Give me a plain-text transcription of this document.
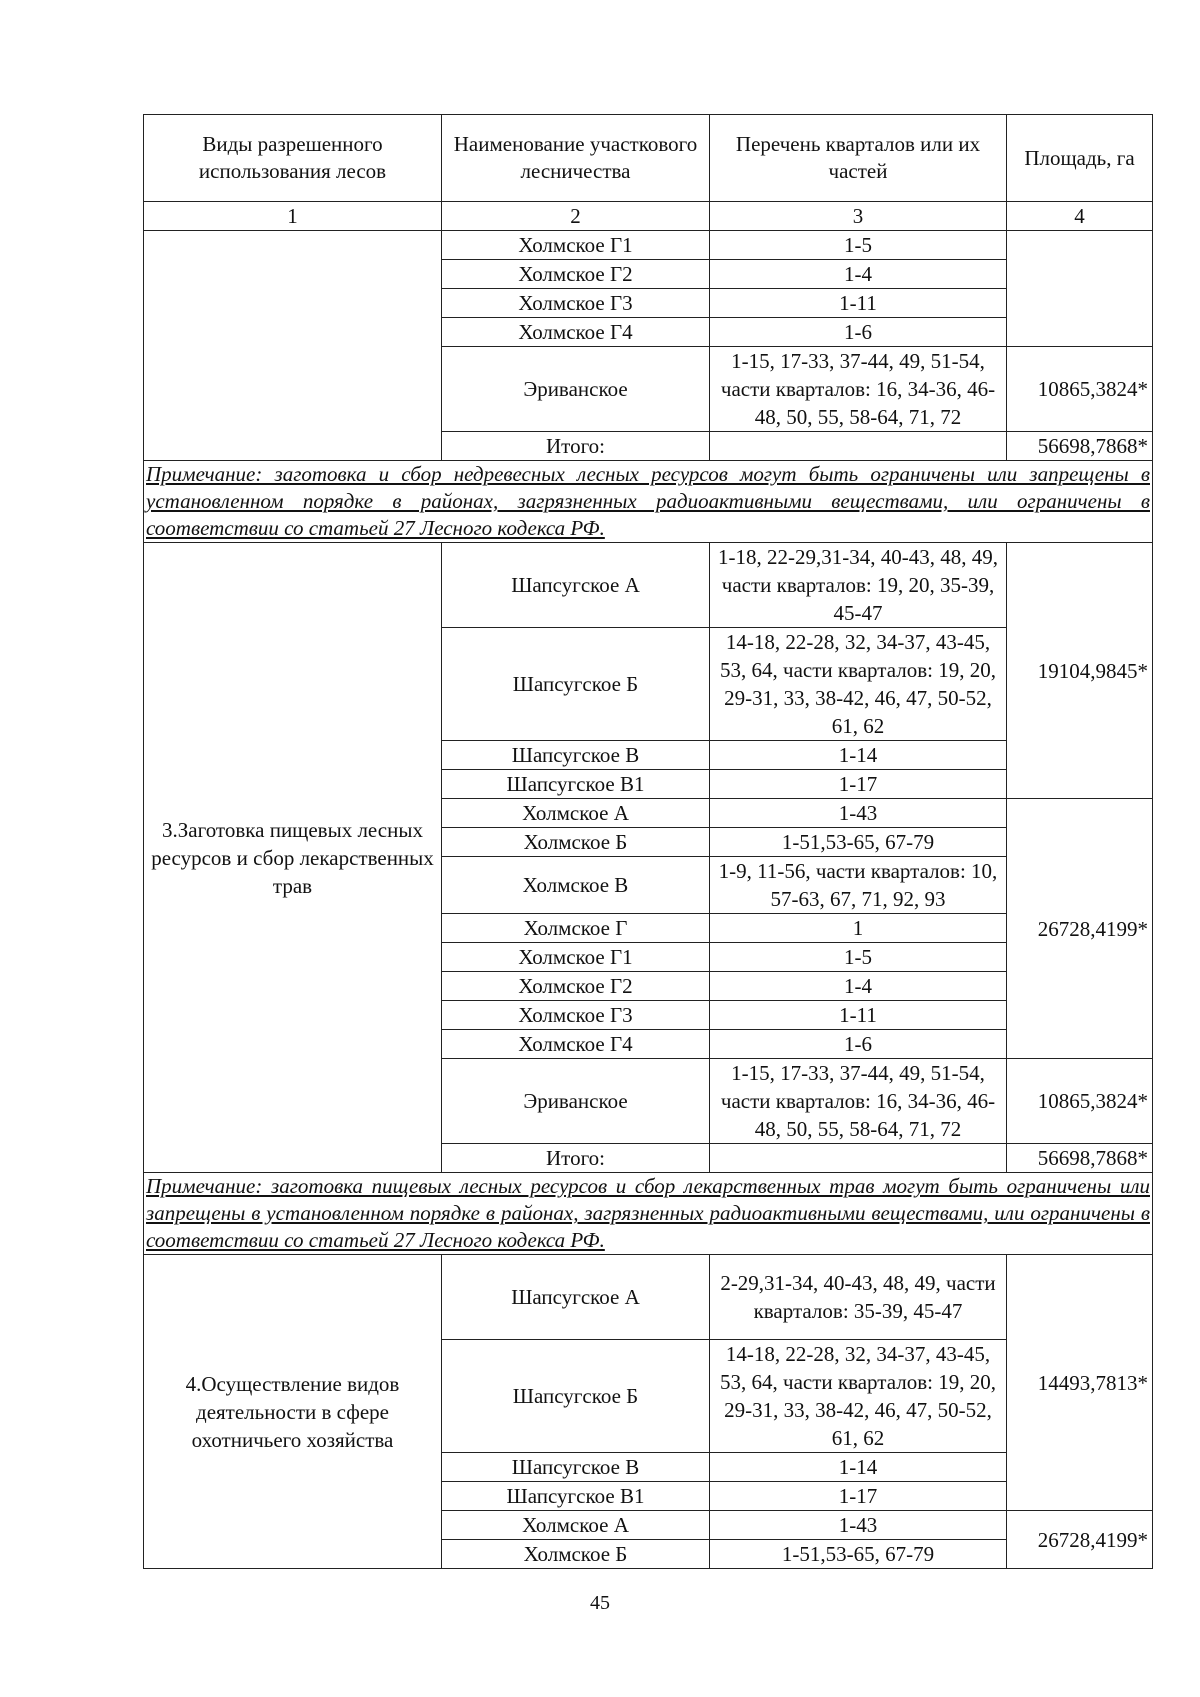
Виды разрешенного использования лесов	Наименование участкового лесничества	Перечень кварталов или их частей	Площадь, га
1	2	3	4
	Холмское Г1	1-5	
	Холмское Г2	1-4	
	Холмское Г3	1-11	
	Холмское Г4	1-6	
	Эриванское	1-15, 17-33, 37-44, 49, 51-54, части кварталов: 16, 34-36, 46-48, 50, 55, 58-64, 71, 72	10865,3824*
	Итого:		56698,7868*
Примечание: заготовка и сбор недревесных лесных ресурсов могут быть ограничены или запрещены в установленном порядке в районах, загрязненных радиоактивными веществами, или ограничены в соответствии со статьей 27 Лесного кодекса РФ.			
3.Заготовка пищевых лесных ресурсов и сбор лекарственных трав	Шапсугское А	1-18, 22-29,31-34, 40-43, 48, 49, части кварталов: 19, 20, 35-39, 45-47	19104,9845*
	Шапсугское Б	14-18, 22-28, 32, 34-37, 43-45, 53, 64, части кварталов: 19, 20, 29-31, 33, 38-42, 46, 47, 50-52, 61, 62	
	Шапсугское В	1-14	
	Шапсугское В1	1-17	
	Холмское А	1-43	26728,4199*
	Холмское Б	1-51,53-65, 67-79	
	Холмское В	1-9, 11-56, части кварталов: 10, 57-63, 67, 71, 92, 93	
	Холмское Г	1	
	Холмское Г1	1-5	
	Холмское Г2	1-4	
	Холмское Г3	1-11	
	Холмское Г4	1-6	
	Эриванское	1-15, 17-33, 37-44, 49, 51-54, части кварталов: 16, 34-36, 46-48, 50, 55, 58-64, 71, 72	10865,3824*
	Итого:		56698,7868*
Примечание: заготовка пищевых лесных ресурсов и сбор лекарственных трав могут быть ограничены или запрещены в установленном порядке в районах, загрязненных радиоактивными веществами, или ограничены в соответствии со статьей 27 Лесного кодекса РФ.			
4.Осуществление видов деятельности в сфере охотничьего хозяйства	Шапсугское А	2-29,31-34, 40-43, 48, 49, части кварталов: 35-39, 45-47	14493,7813*
	Шапсугское Б	14-18, 22-28, 32, 34-37, 43-45, 53, 64, части кварталов: 19, 20, 29-31, 33, 38-42, 46, 47, 50-52, 61, 62	
	Шапсугское В	1-14	
	Шапсугское В1	1-17	
	Холмское А	1-43	26728,4199*
	Холмское Б	1-51,53-65, 67-79	
45
